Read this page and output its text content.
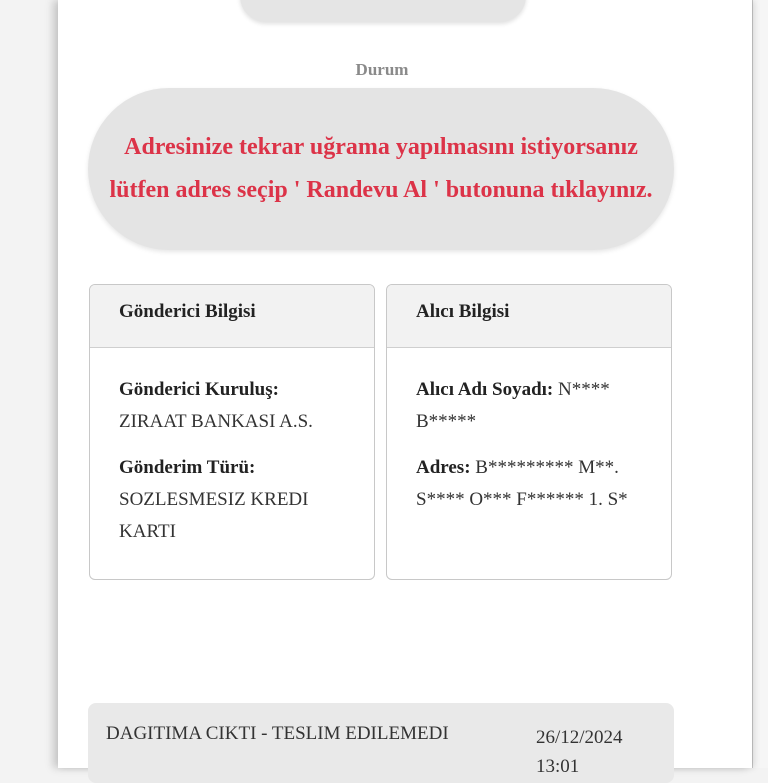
Durum

Adresinize tekrar uğrama yapılmasını istiyorsanız lütfen adres seçip ' Randevu Al ' butonuna tıklayınız.

Gönderici Bilgisi
Gönderici Kuruluş:
ZIRAAT BANKASI A.S.
Gönderim Türü:
SOZLESMESIZ KREDI KARTI
Alıcı Bilgisi
Alıcı Adı Soyadı: N**** B*****
Adres: B********* M**. S**** O*** F****** 1. S*
DAGITIMA CIKTI - TESLIM EDILEMEDI	26/12/2024 13:01
